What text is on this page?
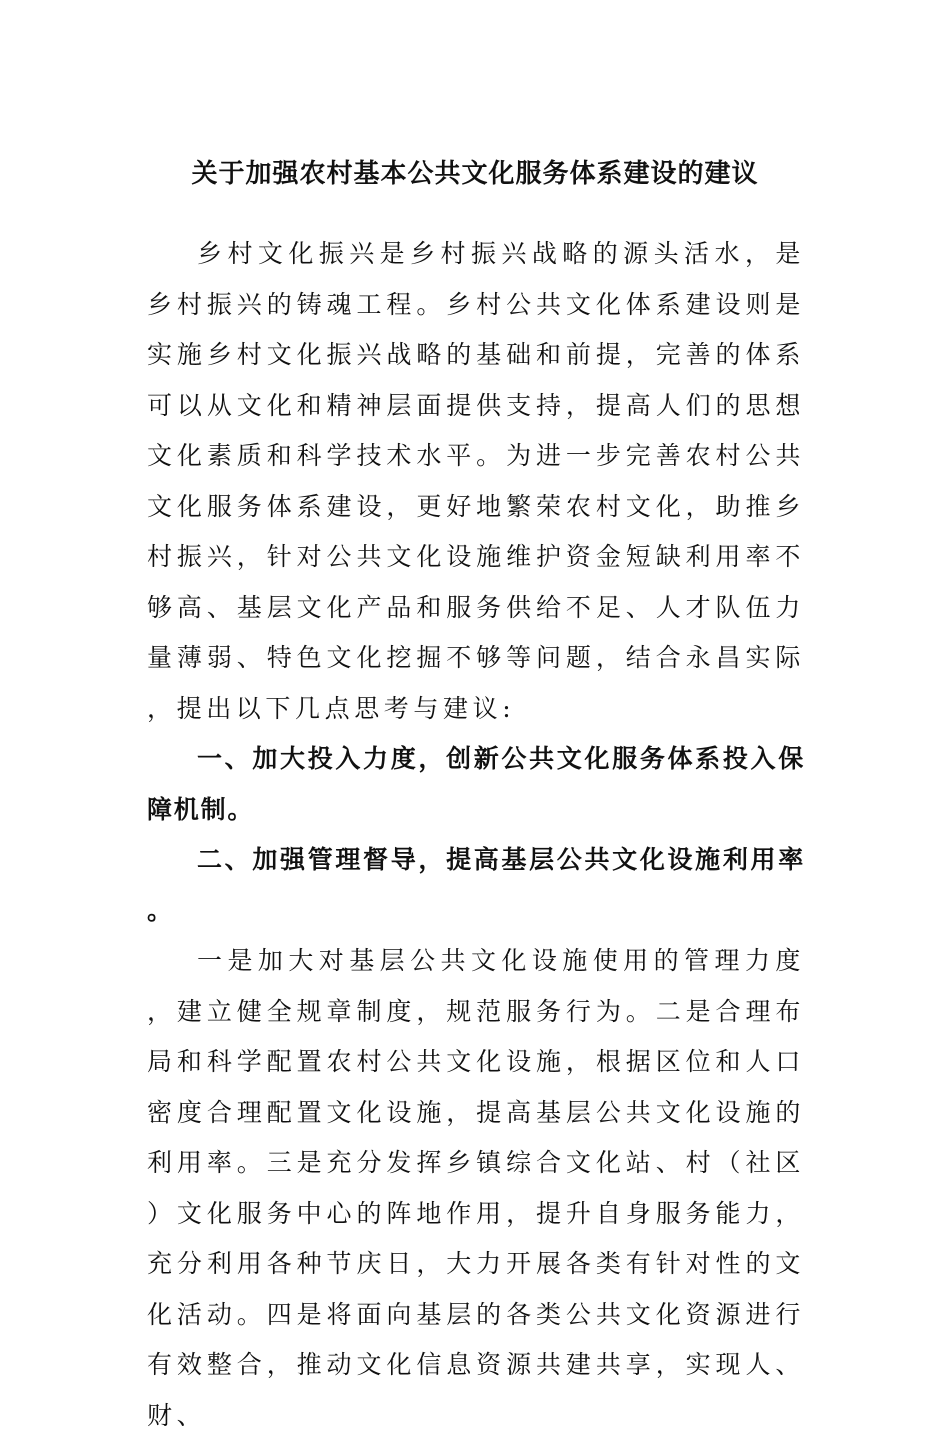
关于加强农村基本公共文化服务体系建设的建议

乡村文化振兴是乡村振兴战略的源头活水，是乡村振兴的铸魂工程。乡村公共文化体系建设则是实施乡村文化振兴战略的基础和前提，完善的体系可以从文化和精神层面提供支持，提高人们的思想文化素质和科学技术水平。为进一步完善农村公共文化服务体系建设，更好地繁荣农村文化，助推乡村振兴，针对公共文化设施维护资金短缺利用率不够高、基层文化产品和服务供给不足、人才队伍力量薄弱、特色文化挖掘不够等问题，结合永昌实际，提出以下几点思考与建议:

一、加大投入力度，创新公共文化服务体系投入保障机制。

二、加强管理督导，提高基层公共文化设施利用率。

一是加大对基层公共文化设施使用的管理力度，建立健全规章制度，规范服务行为。二是合理布局和科学配置农村公共文化设施，根据区位和人口密度合理配置文化设施，提高基层公共文化设施的利用率。三是充分发挥乡镇综合文化站、村（社区）文化服务中心的阵地作用，提升自身服务能力，充分利用各种节庆日，大力开展各类有针对性的文化活动。四是将面向基层的各类公共文化资源进行有效整合，推动文化信息资源共建共享，实现人、财、
